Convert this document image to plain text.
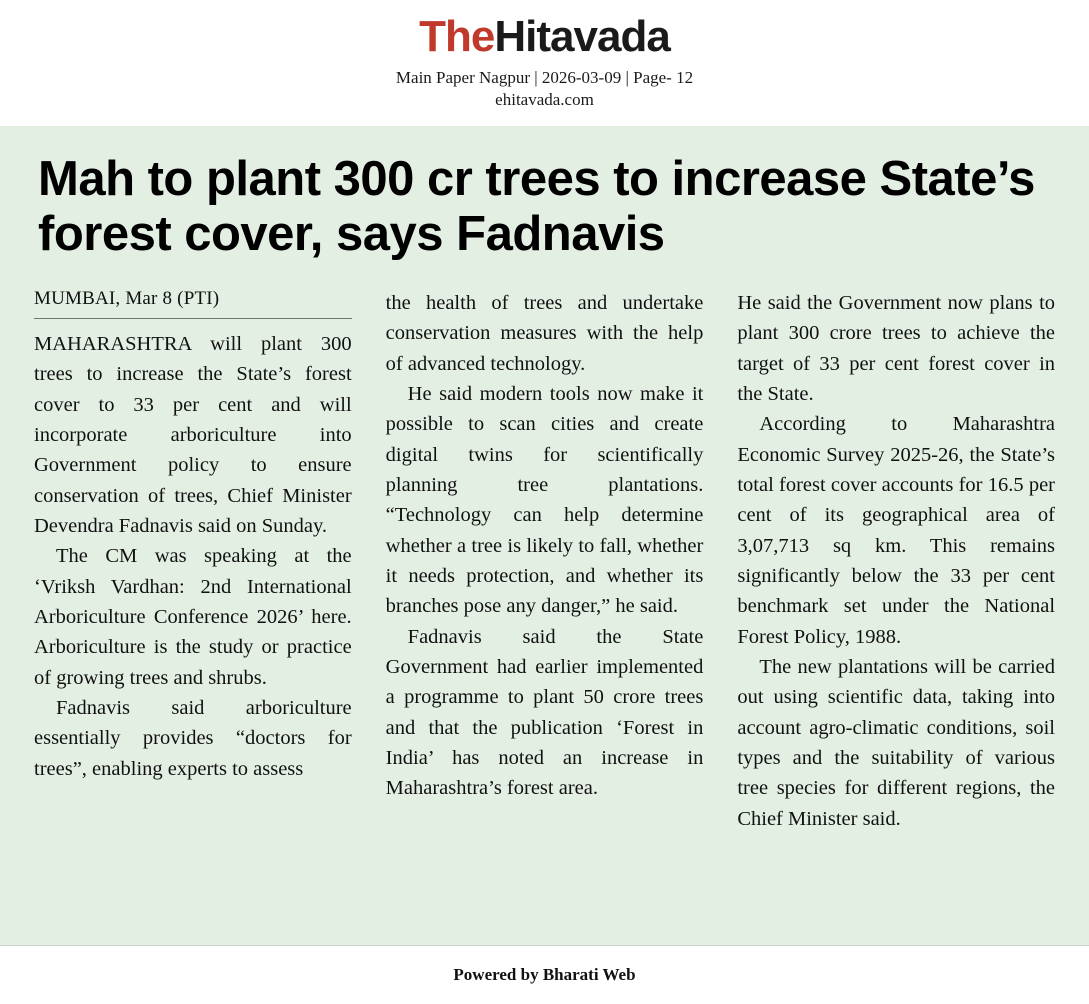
TheHitavada
Main Paper Nagpur | 2026-03-09 | Page- 12
ehitavada.com
Mah to plant 300 cr trees to increase State’s forest cover, says Fadnavis
MUMBAI, Mar 8 (PTI)

MAHARASHTRA will plant 300 trees to increase the State’s forest cover to 33 per cent and will incorporate arboriculture into Government policy to ensure conservation of trees, Chief Minister Devendra Fadnavis said on Sunday.

The CM was speaking at the ‘Vriksh Vardhan: 2nd International Arboriculture Conference 2026’ here. Arboriculture is the study or practice of growing trees and shrubs.

Fadnavis said arboriculture essentially provides “doctors for trees”, enabling experts to assess

the health of trees and undertake conservation measures with the help of advanced technology.

He said modern tools now make it possible to scan cities and create digital twins for scientifically planning tree plantations. “Technology can help determine whether a tree is likely to fall, whether it needs protection, and whether its branches pose any danger,” he said.

Fadnavis said the State Government had earlier implemented a programme to plant 50 crore trees and that the publication ‘Forest in India’ has noted an increase in Maharashtra’s forest area.

He said the Government now plans to plant 300 crore trees to achieve the target of 33 per cent forest cover in the State.

According to Maharashtra Economic Survey 2025-26, the State’s total forest cover accounts for 16.5 per cent of its geographical area of 3,07,713 sq km. This remains significantly below the 33 per cent benchmark set under the National Forest Policy, 1988.

The new plantations will be carried out using scientific data, taking into account agro-climatic conditions, soil types and the suitability of various tree species for different regions, the Chief Minister said.

Powered by Bharati Web
